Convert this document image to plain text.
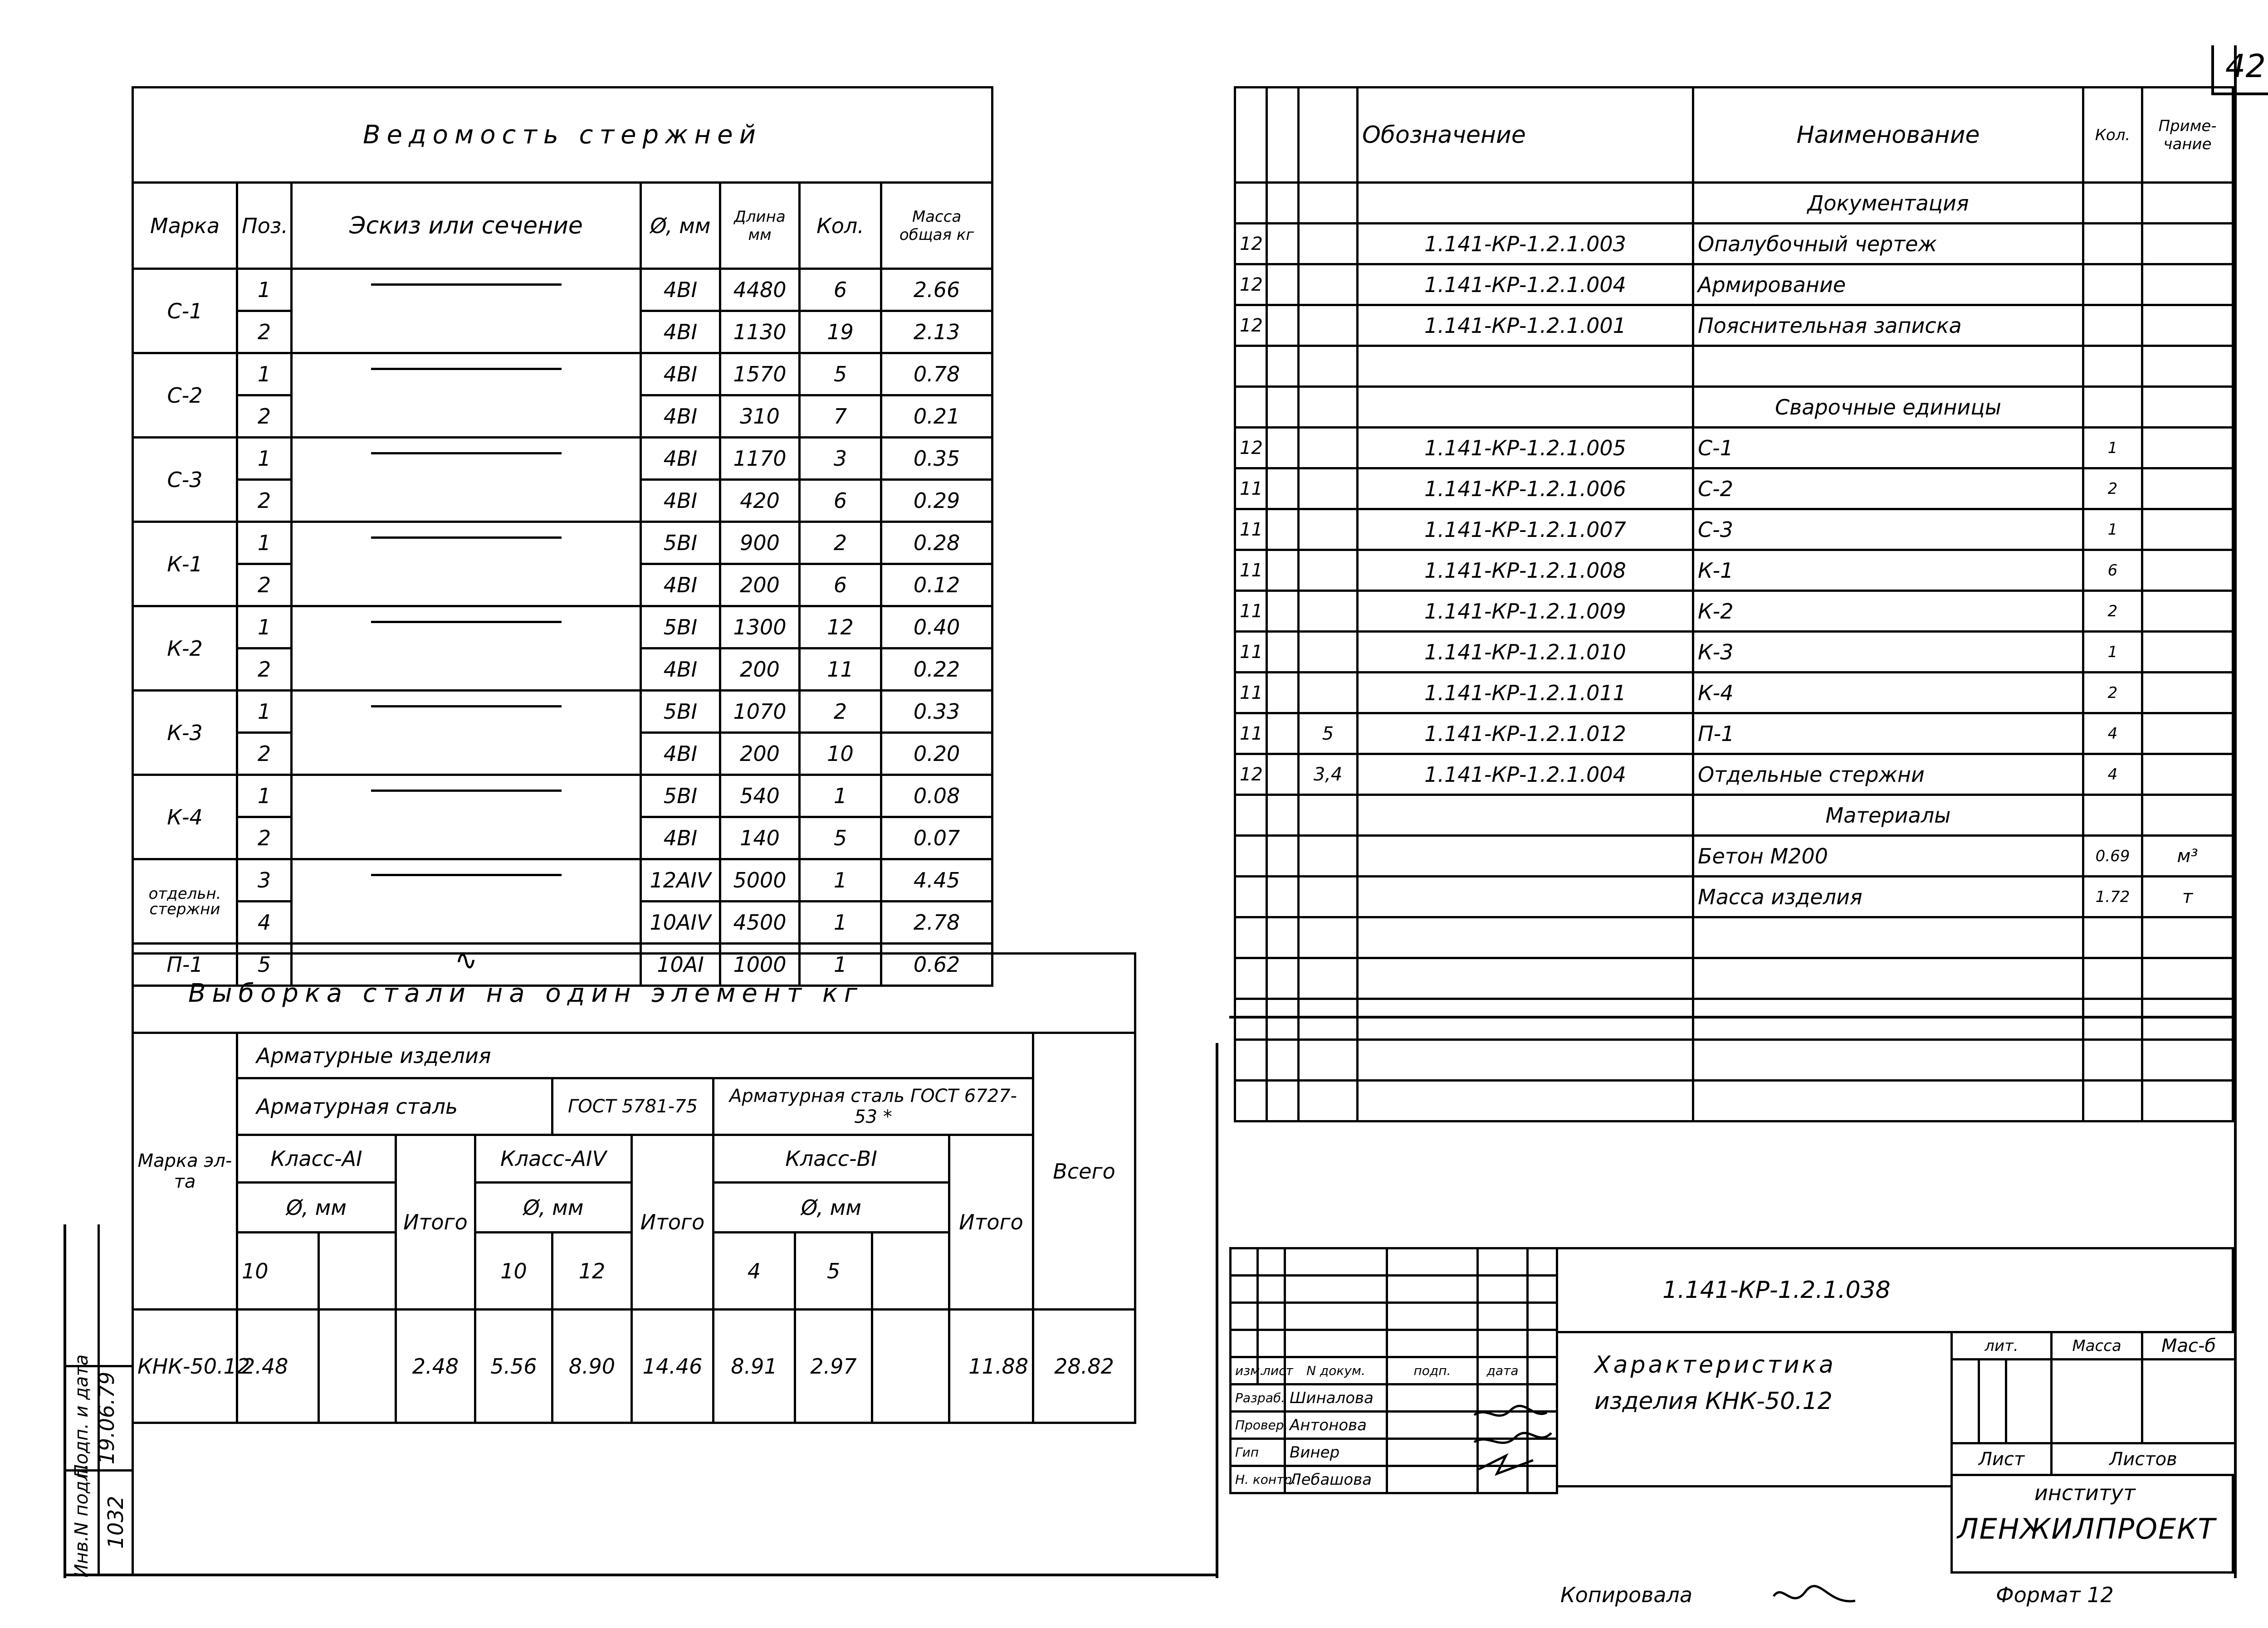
42
Ведомость стержней						
Марка	Поз.	Эскиз или сечение	Ø, мм	Длина мм	Кол.	Масса общая кг
С-1	1		4BI	4480	6	2.66
	2		4BI	1130	19	2.13
С-2	1		4BI	1570	5	0.78
	2		4BI	310	7	0.21
С-3	1		4BI	1170	3	0.35
	2		4BI	420	6	0.29
К-1	1		5BI	900	2	0.28
	2		4BI	200	6	0.12
К-2	1		5BI	1300	12	0.40
	2		4BI	200	11	0.22
К-3	1		5BI	1070	2	0.33
	2		4BI	200	10	0.20
К-4	1		5BI	540	1	0.08
	2		4BI	140	5	0.07
отдельн. стержни	3		12AIV	5000	1	4.45
	4		10AIV	4500	1	2.78
П-1	5	∿	10AI	1000	1	0.62
Выборка стали на один элемент кг											
Марка эл-та	Арматурные изделия										Всего
	Арматурная сталь				ГОСТ 5781-75		Арматурная сталь ГОСТ 6727-53 *				
	Класс-AI		Итого	Класс-AIV		Итого	Класс-BI			Итого	
	Ø, мм			Ø, мм			Ø, мм				
	10			10	12		4	5			
КНК-50.12	2.48		2.48	5.56	8.90	14.46	8.91	2.97		11.88	28.82
Подп. и дата
Инв.N подл.
19.06.79
1032
			Обозначение	Наименование	Кол.	Приме-чание
				Документация		
12			1.141-КР-1.2.1.003	Опалубочный чертеж		
12			1.141-КР-1.2.1.004	Армирование		
12			1.141-КР-1.2.1.001	Пояснительная записка		

				Сварочные единицы		
12			1.141-КР-1.2.1.005	С-1	1	
11			1.141-КР-1.2.1.006	С-2	2	
11			1.141-КР-1.2.1.007	С-3	1	
11			1.141-КР-1.2.1.008	К-1	6	
11			1.141-КР-1.2.1.009	К-2	2	
11			1.141-КР-1.2.1.010	К-3	1	
11			1.141-КР-1.2.1.011	К-4	2	
11		5	1.141-КР-1.2.1.012	П-1	4	
12		3,4	1.141-КР-1.2.1.004	Отдельные стержни	4	
				Материалы		
				Бетон М200	0.69	м³
				Масса изделия	1.72	т

изм.	лист	N докум.	подп.	дата	
Разраб.		Шиналова			
Провер.		Антонова			
Гип		Винер			
Н. контр.		Лебашова			
1.141-КР-1.2.1.038
Характеристика
изделия КНК-50.12
лит.			Масса	Мас-б

Лист			Листов	
институт
ЛЕНЖИЛПРОЕКТ
Копировала	Формат 12
